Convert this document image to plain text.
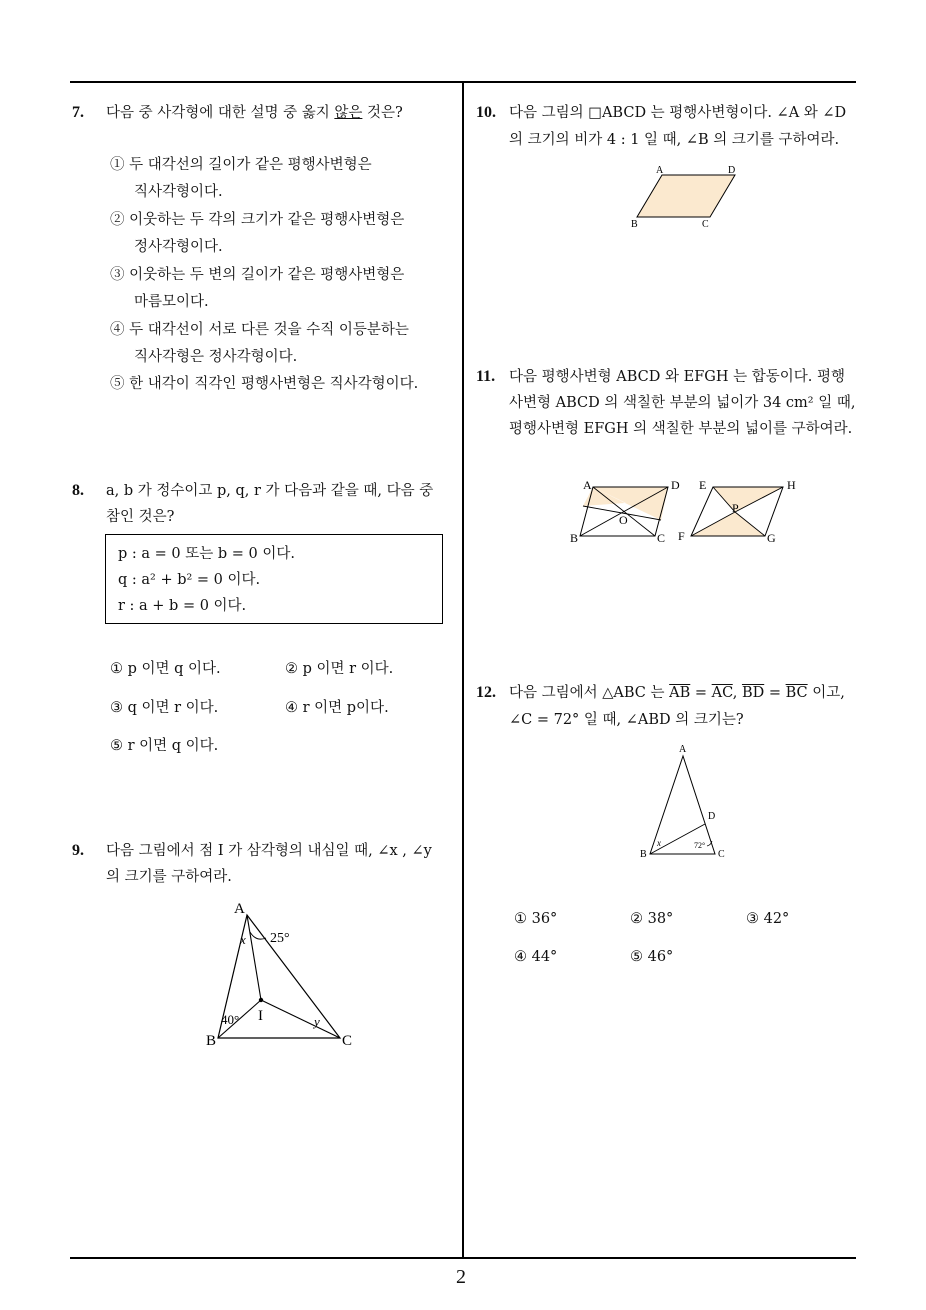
2
7. 다음 중 사각형에 대한 설명 중 옳지 않은 것은?
① 두 대각선의 길이가 같은 평행사변형은
직사각형이다.
② 이웃하는 두 각의 크기가 같은 평행사변형은
정사각형이다.
③ 이웃하는 두 변의 길이가 같은 평행사변형은
마름모이다.
④ 두 대각선이 서로 다른 것을 수직 이등분하는
직사각형은 정사각형이다.
⑤ 한 내각이 직각인 평행사변형은 직사각형이다.
8. a, b 가 정수이고 p, q, r 가 다음과 같을 때, 다음 중
참인 것은?
p : a = 0 또는 b = 0 이다.
q : a² + b² = 0 이다.
r : a + b = 0 이다.
① p 이면 q 이다.	② p 이면 r 이다.
③ q 이면 r 이다.	④ r 이면 p이다.
⑤ r 이면 q 이다.
9. 다음 그림에서 점 I 가 삼각형의 내심일 때, ∠x , ∠y
의 크기를 구하여라.
A
B	C
I
x
y
25°
40°
10. 다음 그림의 □ABCD 는 평행사변형이다. ∠A 와 ∠D
의 크기의 비가 4 : 1 일 때, ∠B 의 크기를 구하여라.
A	D
B	C
11. 다음 평행사변형 ABCD 와 EFGH 는 합동이다. 평행
사변형 ABCD 의 색칠한 부분의 넓이가 34 cm² 일 때,
평행사변형 EFGH 의 색칠한 부분의 넓이를 구하여라.
A	D
B	C
O
E	H
F	G
P
12. 다음 그림에서 △ABC 는 $\overline{AB} = \overline{AC}$, $\overline{BD} = \overline{BC}$ 이고,
∠C = 72° 일 때, ∠ABD 의 크기는?
A
B	C
D
x	72°
① 36°	② 38°	③ 42°
④ 44°	⑤ 46°
